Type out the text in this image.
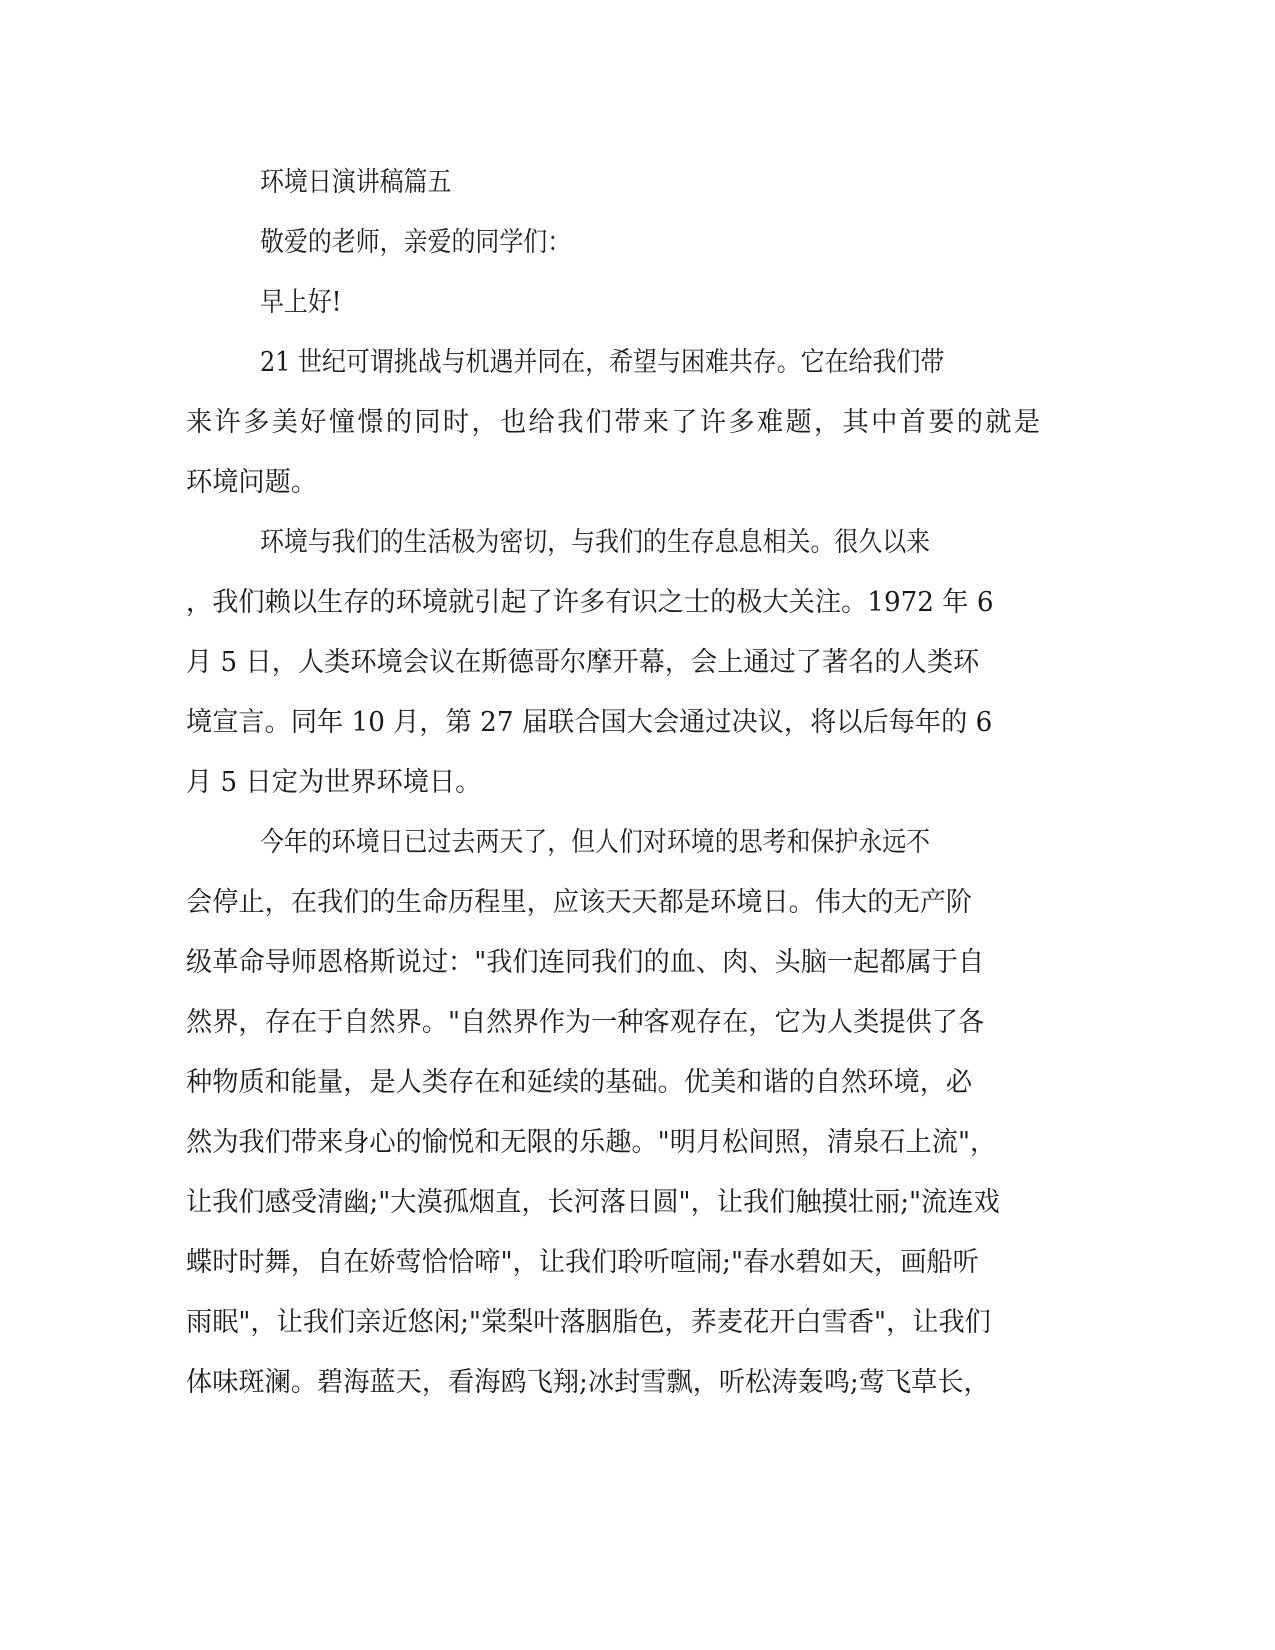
环境日演讲稿篇五
敬爱的老师，亲爱的同学们：
早上好!
21 世纪可谓挑战与机遇并同在，希望与困难共存。它在给我们带
来许多美好憧憬的同时，也给我们带来了许多难题，其中首要的就是
环境问题。
环境与我们的生活极为密切，与我们的生存息息相关。很久以来
，我们赖以生存的环境就引起了许多有识之士的极大关注。1972 年 6
月 5 日，人类环境会议在斯德哥尔摩开幕，会上通过了著名的人类环
境宣言。同年 10 月，第 27 届联合国大会通过决议，将以后每年的 6
月 5 日定为世界环境日。
今年的环境日已过去两天了，但人们对环境的思考和保护永远不
会停止，在我们的生命历程里，应该天天都是环境日。伟大的无产阶
级革命导师恩格斯说过："我们连同我们的血、肉、头脑一起都属于自
然界，存在于自然界。"自然界作为一种客观存在，它为人类提供了各
种物质和能量，是人类存在和延续的基础。优美和谐的自然环境，必
然为我们带来身心的愉悦和无限的乐趣。"明月松间照，清泉石上流"，
让我们感受清幽;"大漠孤烟直，长河落日圆"，让我们触摸壮丽;"流连戏
蝶时时舞，自在娇莺恰恰啼"，让我们聆听喧闹;"春水碧如天，画船听
雨眠"，让我们亲近悠闲;"棠梨叶落胭脂色，荞麦花开白雪香"，让我们
体味斑澜。碧海蓝天，看海鸥飞翔;冰封雪飘，听松涛轰鸣;莺飞草长，
